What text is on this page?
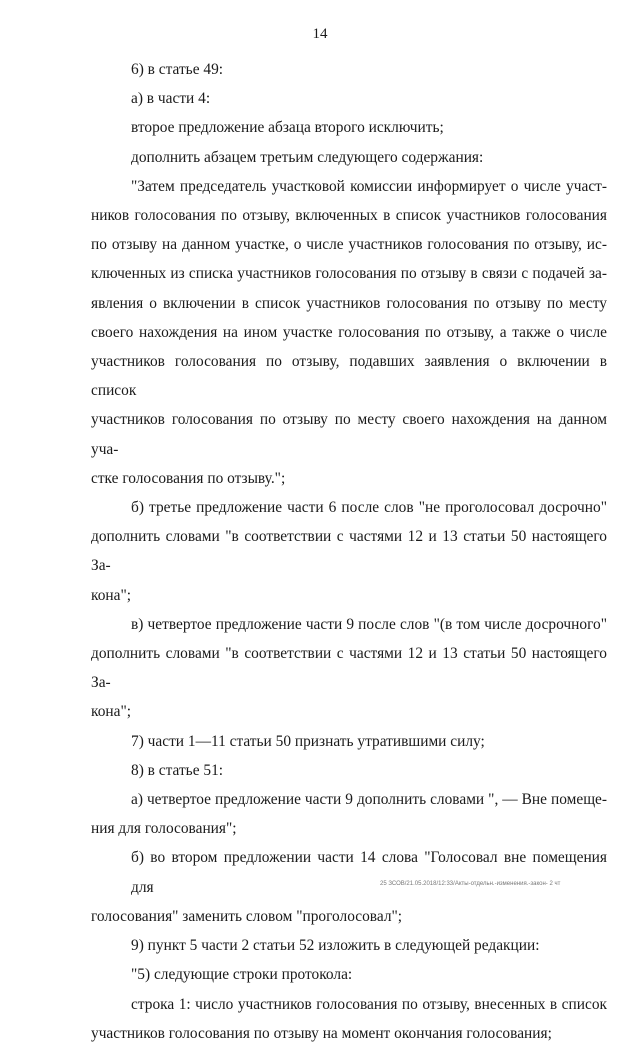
14
6) в статье 49:
а) в части 4:
второе предложение абзаца второго исключить;
дополнить абзацем третьим следующего содержания:
"Затем председатель участковой комиссии информирует о числе участ-
ников голосования по отзыву, включенных в список участников голосования
по отзыву на данном участке, о числе участников голосования по отзыву, ис-
ключенных из списка участников голосования по отзыву в связи с подачей за-
явления о включении в список участников голосования по отзыву по месту
своего нахождения на ином участке голосования по отзыву, а также о числе
участников голосования по отзыву, подавших заявления о включении в список
участников голосования по отзыву по месту своего нахождения на данном уча-
стке голосования по отзыву.";
б) третье предложение части 6 после слов "не проголосовал досрочно"
дополнить словами "в соответствии с частями 12 и 13 статьи 50 настоящего За-
кона";
в) четвертое предложение части 9 после слов "(в том числе досрочного"
дополнить словами "в соответствии с частями 12 и 13 статьи 50 настоящего За-
кона";
7) части 1—11 статьи 50 признать утратившими силу;
8) в статье 51:
а) четвертое предложение части 9 дополнить словами ", — Вне помеще-
ния для голосования";
б) во втором предложении части 14 слова "Голосовал вне помещения для
голосования" заменить словом "проголосовал";
9) пункт 5 части 2 статьи 52 изложить в следующей редакции:
"5) следующие строки протокола:
строка 1: число участников голосования по отзыву, внесенных в список
участников голосования по отзыву на момент окончания голосования;
25 ЗСОВ/21.05.2018/12:33/Акты-отдельн.-изменения.-закон- 2 чт
